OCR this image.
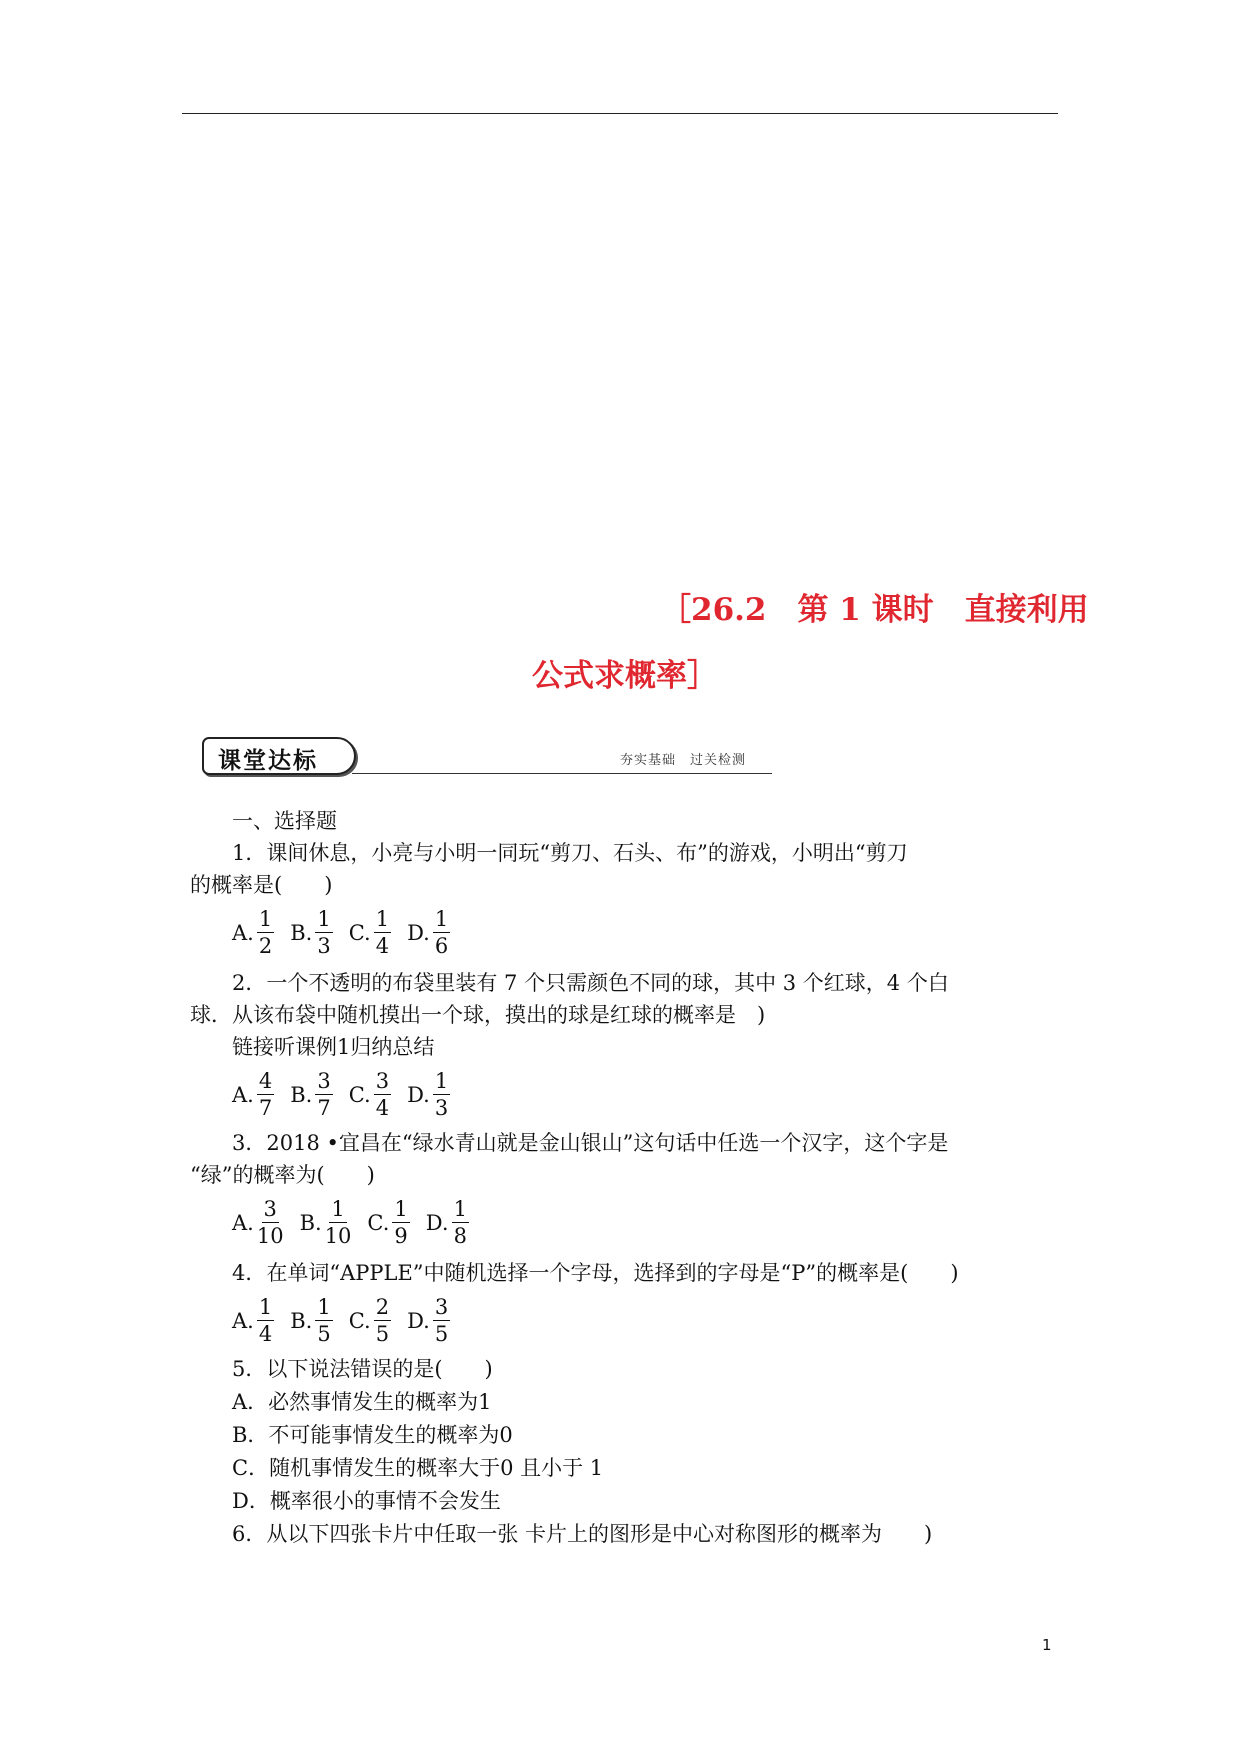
［26.2　第 1 课时　直接利用
公式求概率］
课堂达标	夯实基础　过关检测
一、选择题
1．课间休息，小亮与小明一同玩“剪刀、石头、布”的游戏，小明出“剪刀
的概率是(　　)
A. $\frac{1}{2} B$. $\frac{1}{3} C$. $\frac{1}{4} D$. $\frac{1}{6}$
2．一个不透明的布袋里装有 7 个只需颜色不同的球，其中 3 个红球，4 个白
球．从该布袋中随机摸出一个球，摸出的球是红球的概率是　)
链接听课例1归纳总结
A. $\frac{4}{7} B$. $\frac{3}{7} C$. $\frac{3}{4} D$. $\frac{1}{3}$
3．2018 •宜昌在“绿水青山就是金山银山”这句话中任选一个汉字，这个字是
“绿”的概率为(　　)
A. $\frac{3}{10} B$. $\frac{1}{10} C$. $\frac{1}{9} D$. $\frac{1}{8}$
4．在单词“APPLE”中随机选择一个字母，选择到的字母是“P”的概率是(　　)
A. $\frac{1}{4} B$. $\frac{1}{5} C$. $\frac{2}{5} D$. $\frac{3}{5}$
5．以下说法错误的是(　　)
A．必然事情发生的概率为1
B．不可能事情发生的概率为0
C．随机事情发生的概率大于0 且小于 1
D．概率很小的事情不会发生
6．从以下四张卡片中任取一张 卡片上的图形是中心对称图形的概率为　　)
1
